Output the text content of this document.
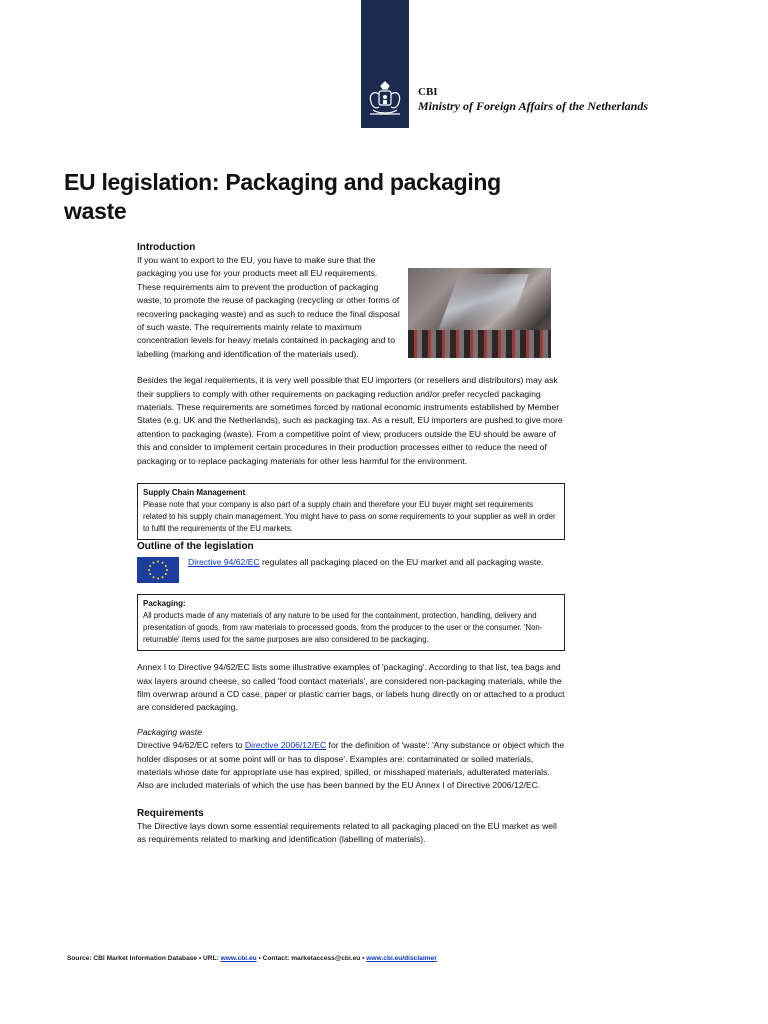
CBI
Ministry of Foreign Affairs of the Netherlands
EU legislation: Packaging and packaging waste
Introduction

If you want to export to the EU, you have to make sure that the packaging you use for your products meet all EU requirements. These requirements aim to prevent the production of packaging waste, to promote the reuse of packaging (recycling or other forms of recovering packaging waste) and as such to reduce the final disposal of such waste. The requirements mainly relate to maximum concentration levels for heavy metals contained in packaging and to labelling (marking and identification of the materials used).

Besides the legal requirements, it is very well possible that EU importers (or resellers and distributors) may ask their suppliers to comply with other requirements on packaging reduction and/or prefer recycled packaging materials. These requirements are sometimes forced by national economic instruments established by Member States (e.g. UK and the Netherlands), such as packaging tax. As a result, EU importers are pushed to give more attention to packaging (waste). From a competitive point of view, producers outside the EU should be aware of this and consider to implement certain procedures in their production processes either to reduce the need of packaging or to replace packaging materials for other less harmful for the environment.

Supply Chain Management
Please note that your company is also part of a supply chain and therefore your EU buyer might set requirements related to his supply chain management. You might have to pass on some requirements to your supplier as well in order to fulfil the requirements of the EU markets.
Outline of the legislation
Directive 94/62/EC regulates all packaging placed on the EU market and all packaging waste.
Packaging:
All products made of any materials of any nature to be used for the containment, protection, handling, delivery and presentation of goods, from raw materials to processed goods, from the producer to the user or the consumer. 'Non-returnable' items used for the same purposes are also considered to be packaging.

Annex I to Directive 94/62/EC lists some illustrative examples of 'packaging'. According to that list, tea bags and wax layers around cheese, so called 'food contact materials', are considered non-packaging materials, while the film overwrap around a CD case, paper or plastic carrier bags, or labels hung directly on or attached to a product are considered packaging.

Packaging waste

Directive 94/62/EC refers to Directive 2006/12/EC for the definition of 'waste': 'Any substance or object which the holder disposes or at some point will or has to dispose'. Examples are: contaminated or soiled materials, materials whose date for appropriate use has expired, spilled, or misshaped materials, adulterated materials. Also are included materials of which the use has been banned by the EU Annex I of Directive 2006/12/EC.

Requirements

The Directive lays down some essential requirements related to all packaging placed on the EU market as well as requirements related to marking and identification (labelling of materials).

Source: CBI Market Information Database • URL: www.cbi.eu • Contact: marketaccess@cbi.eu • www.cbi.eu/disclaimer
